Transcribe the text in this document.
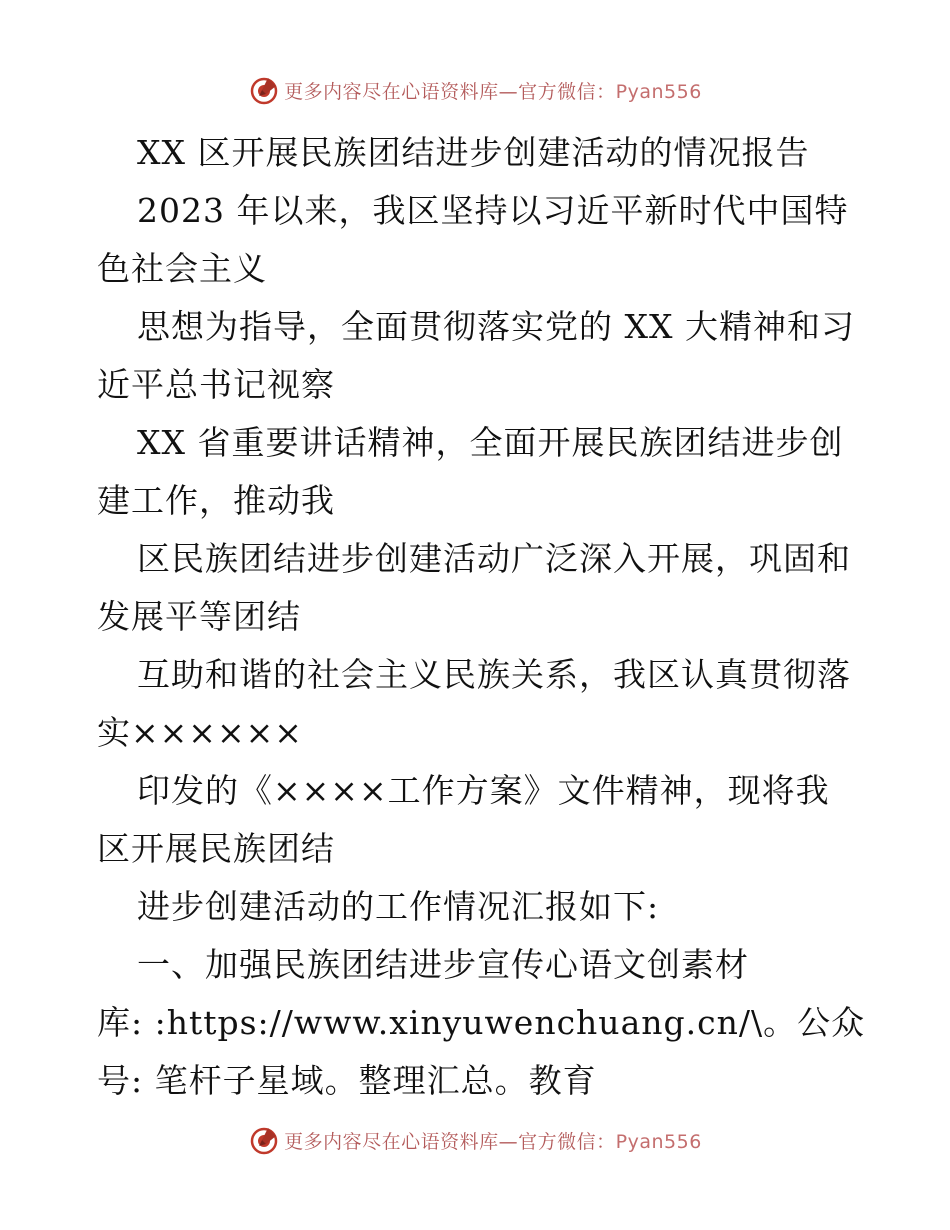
更多内容尽在心语资料库—官方微信：Pyan556
XX 区开展民族团结进步创建活动的情况报告
2023 年以来，我区坚持以习近平新时代中国特
色社会主义
思想为指导，全面贯彻落实党的 XX 大精神和习
近平总书记视察
XX 省重要讲话精神，全面开展民族团结进步创
建工作，推动我
区民族团结进步创建活动广泛深入开展，巩固和
发展平等团结
互助和谐的社会主义民族关系，我区认真贯彻落
实××××××
印发的《××××工作方案》文件精神，现将我
区开展民族团结
进步创建活动的工作情况汇报如下:
一、加强民族团结进步宣传心语文创素材
库: :https://www.xinyuwenchuang.cn/\。公众
号: 笔杆子星域。整理汇总。教育
更多内容尽在心语资料库—官方微信：Pyan556
